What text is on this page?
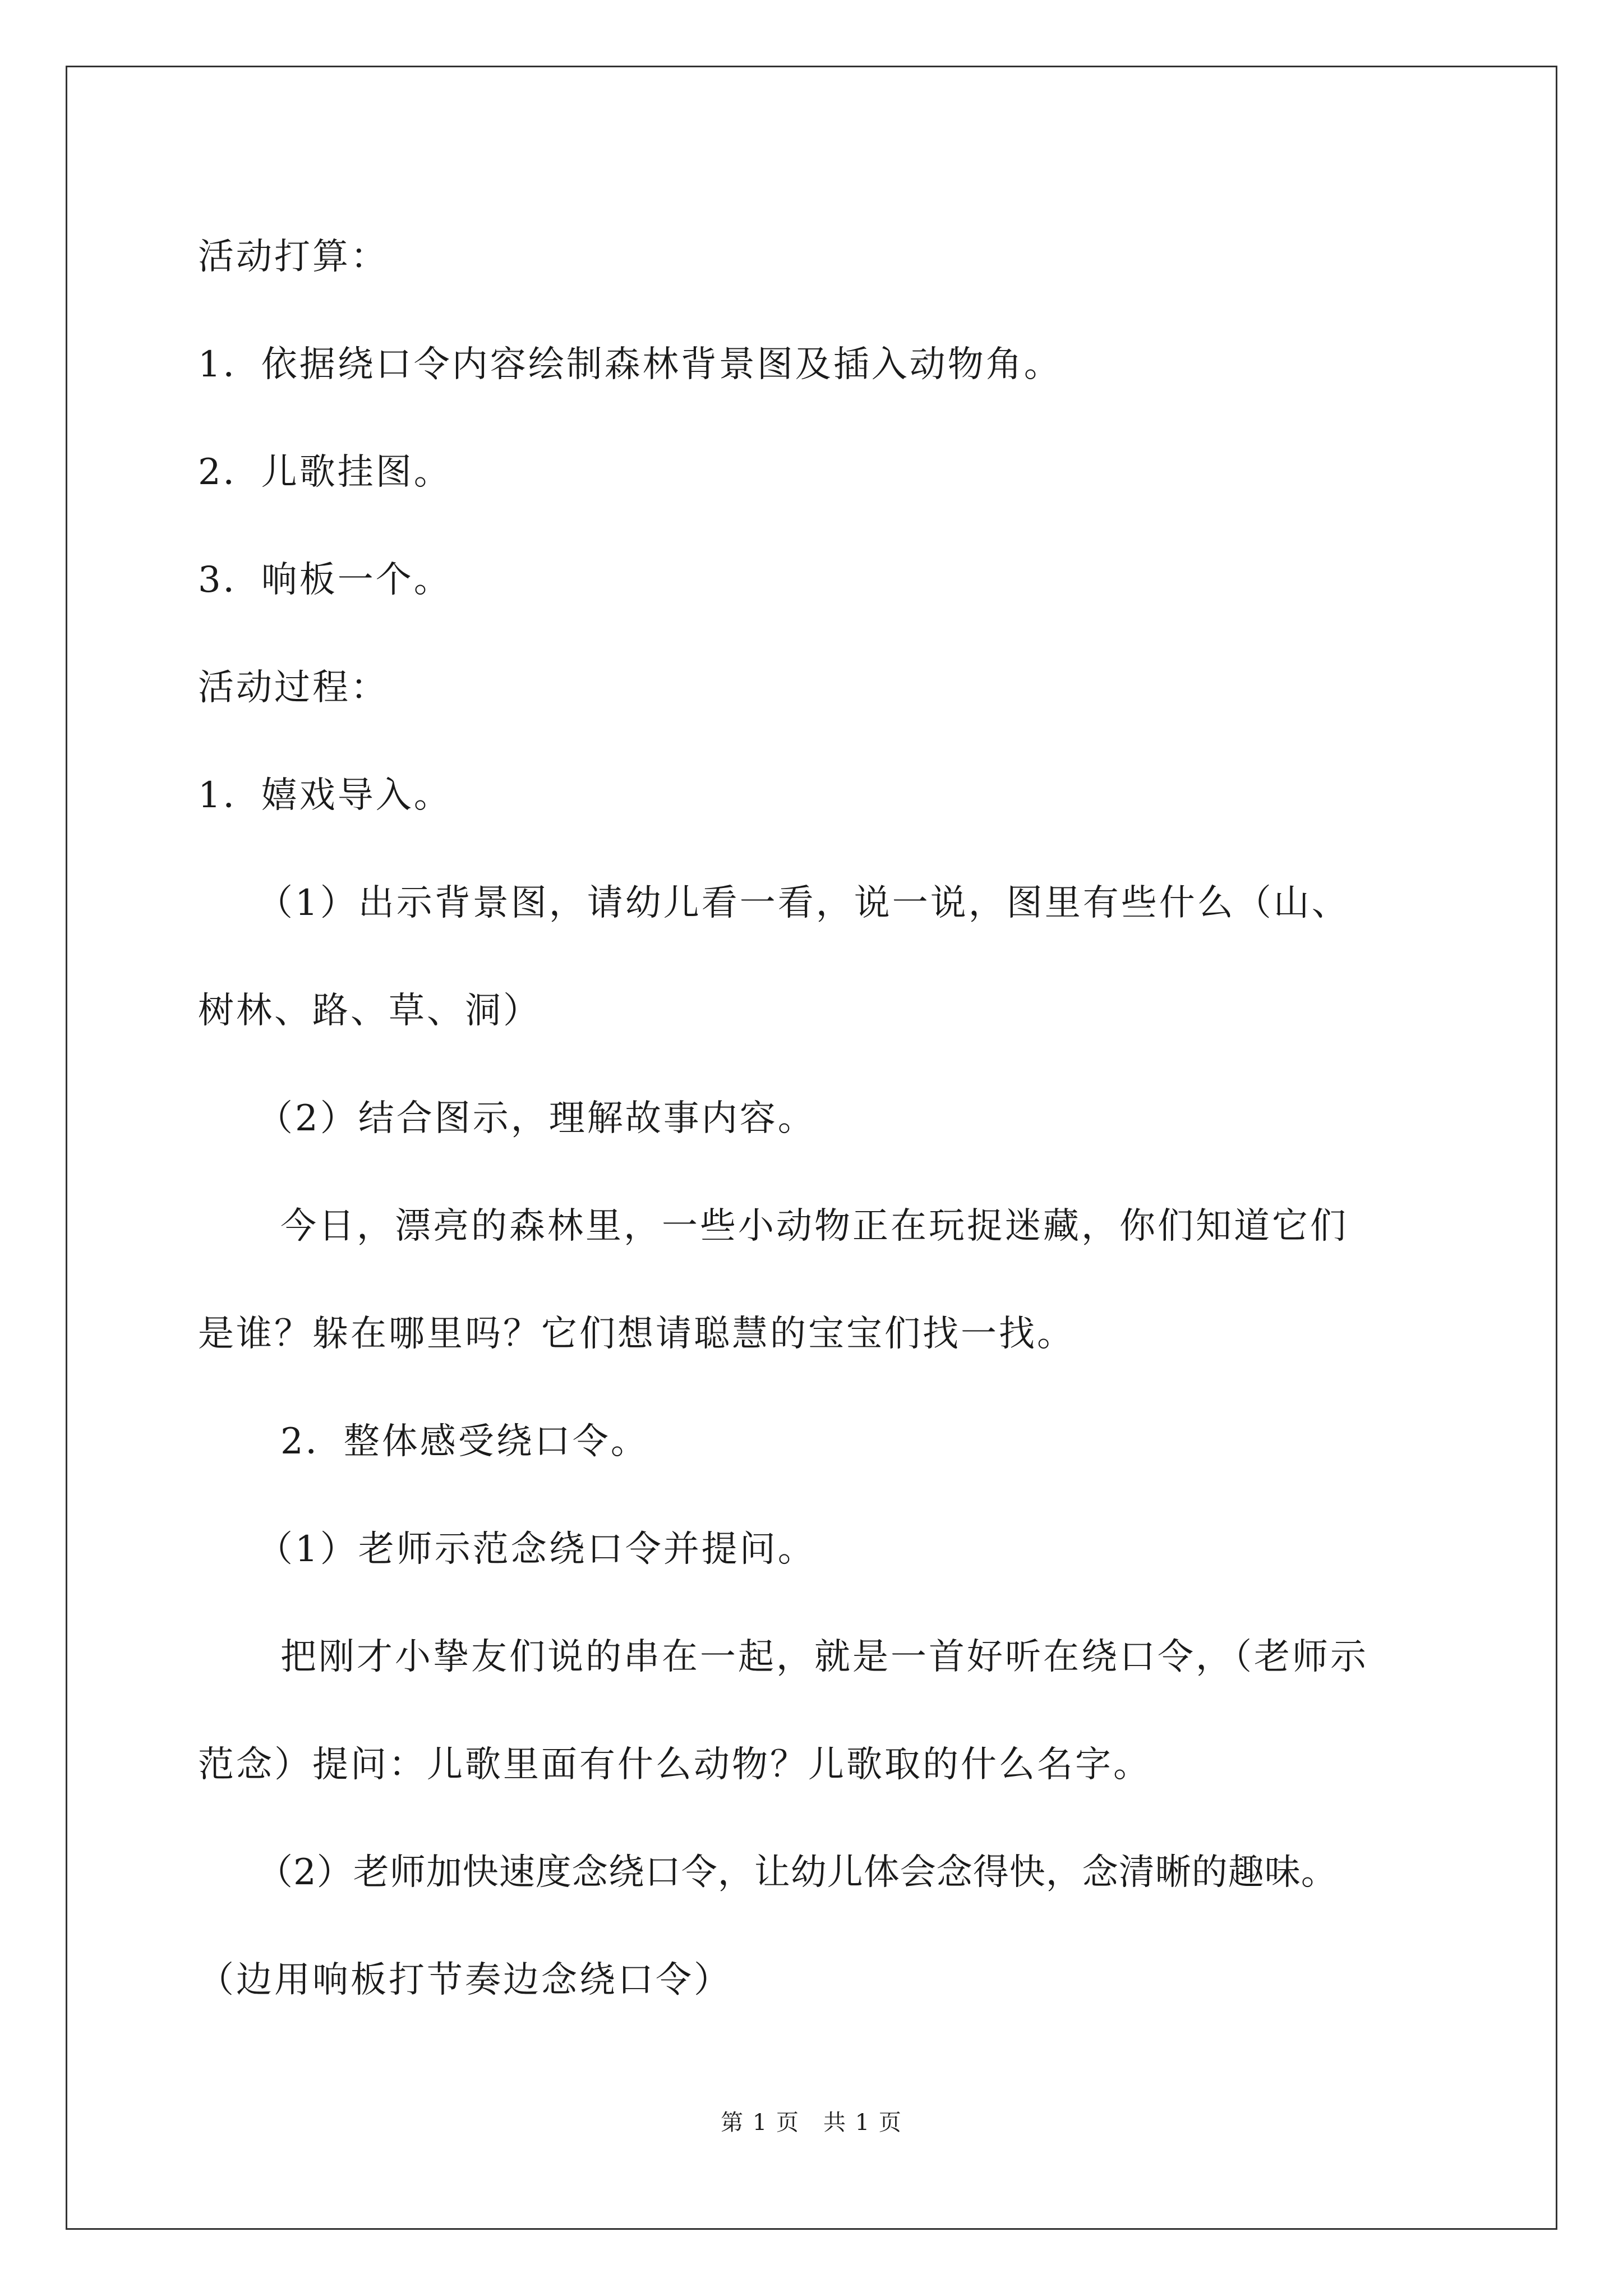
活动打算：
1．依据绕口令内容绘制森林背景图及插入动物角。
2．儿歌挂图。
3．响板一个。
活动过程：
1．嬉戏导入。
（1）出示背景图，请幼儿看一看，说一说，图里有些什么（山、
树林、路、草、洞）
（2）结合图示，理解故事内容。
今日，漂亮的森林里，一些小动物正在玩捉迷藏，你们知道它们
是谁？躲在哪里吗？它们想请聪慧的宝宝们找一找。
2．整体感受绕口令。
（1）老师示范念绕口令并提问。
把刚才小挚友们说的串在一起，就是一首好听在绕口令，（老师示
范念）提问：儿歌里面有什么动物？儿歌取的什么名字。
（2）老师加快速度念绕口令，让幼儿体会念得快，念清晰的趣味。
（边用响板打节奏边念绕口令）
第 1 页　共 1 页
